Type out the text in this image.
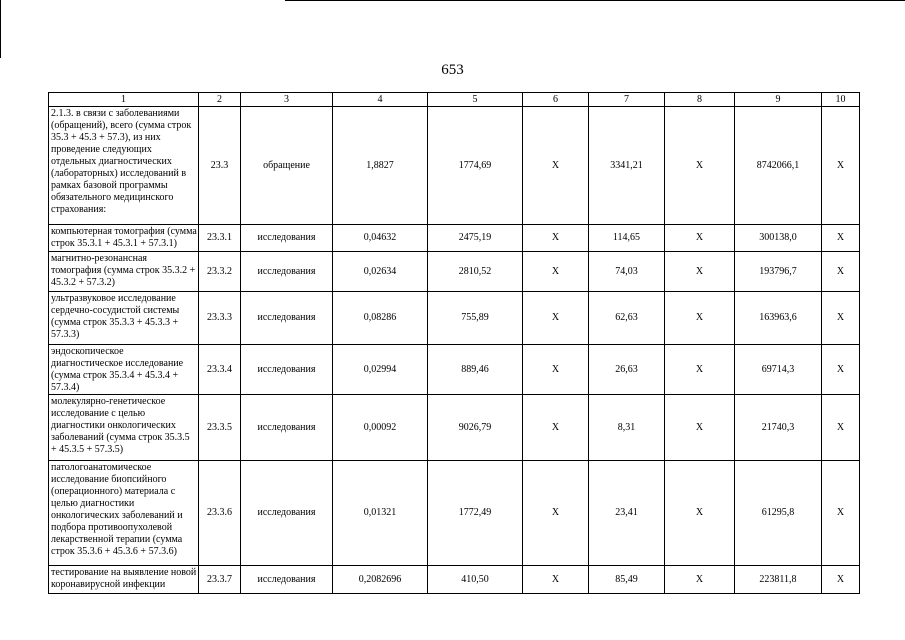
653
1	2	3	4	5	6	7	8	9	10
2.1.3. в связи с заболеваниями (обращений), всего (сумма строк 35.3 + 45.3 + 57.3), из них проведение следующих отдельных диагностических (лабораторных) исследований в рамках базовой программы обязательного медицинского страхования:	23.3	обращение	1,8827	1774,69	X	3341,21	X	8742066,1	X
компьютерная томография (сумма строк 35.3.1 + 45.3.1 + 57.3.1)	23.3.1	исследования	0,04632	2475,19	X	114,65	X	300138,0	X
магнитно-резонансная томография (сумма строк 35.3.2 + 45.3.2 + 57.3.2)	23.3.2	исследования	0,02634	2810,52	X	74,03	X	193796,7	X
ультразвуковое исследование сердечно-сосудистой системы (сумма строк 35.3.3 + 45.3.3 + 57.3.3)	23.3.3	исследования	0,08286	755,89	X	62,63	X	163963,6	X
эндоскопическое диагностическое исследование (сумма строк 35.3.4 + 45.3.4 + 57.3.4)	23.3.4	исследования	0,02994	889,46	X	26,63	X	69714,3	X
молекулярно-генетическое исследование с целью диагностики онкологических заболеваний (сумма строк 35.3.5 + 45.3.5 + 57.3.5)	23.3.5	исследования	0,00092	9026,79	X	8,31	X	21740,3	X
патологоанатомическое исследование биопсийного (операционного) материала с целью диагностики онкологических заболеваний и подбора противоопухолевой лекарственной терапии (сумма строк 35.3.6 + 45.3.6 + 57.3.6)	23.3.6	исследования	0,01321	1772,49	X	23,41	X	61295,8	X
тестирование на выявление новой коронавирусной инфекции	23.3.7	исследования	0,2082696	410,50	X	85,49	X	223811,8	X
